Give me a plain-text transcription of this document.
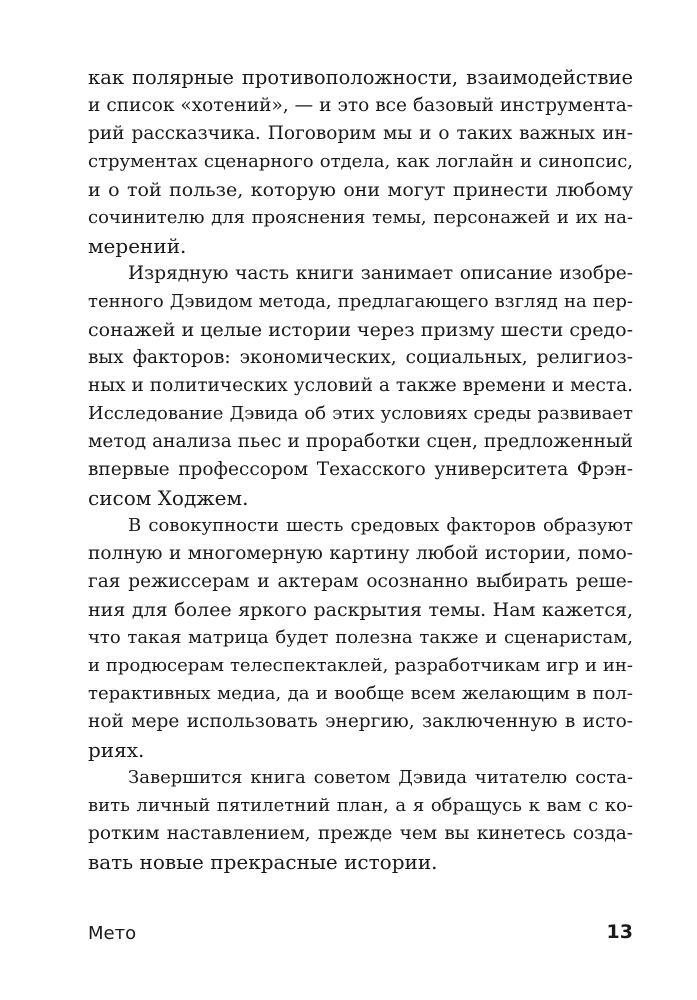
как полярные противоположности, взаимодействие
и список «хотений», — и это все базовый инструмента-
рий рассказчика. Поговорим мы и о таких важных ин-
струментах сценарного отдела, как логлайн и синопсис,
и о той пользе, которую они могут принести любому
сочинителю для прояснения темы, персонажей и их на-
мерений.
Изрядную часть книги занимает описание изобре-
тенного Дэвидом метода, предлагающего взгляд на пер-
сонажей и целые истории через призму шести средо-
вых факторов: экономических, социальных, религиоз-
ных и политических условий а также времени и места.
Исследование Дэвида об этих условиях среды развивает
метод анализа пьес и проработки сцен, предложенный
впервые профессором Техасского университета Фрэн-
сисом Ходжем.
В совокупности шесть средовых факторов образуют
полную и многомерную картину любой истории, помо-
гая режиссерам и актерам осознанно выбирать реше-
ния для более яркого раскрытия темы. Нам кажется,
что такая матрица будет полезна также и сценаристам,
и продюсерам телеспектаклей, разработчикам игр и ин-
терактивных медиа, да и вообще всем желающим в пол-
ной мере использовать энергию, заключенную в исто-
риях.
Завершится книга советом Дэвида читателю соста-
вить личный пятилетний план, а я обращусь к вам с ко-
ротким наставлением, прежде чем вы кинетесь созда-
вать новые прекрасные истории.
Мето	13
